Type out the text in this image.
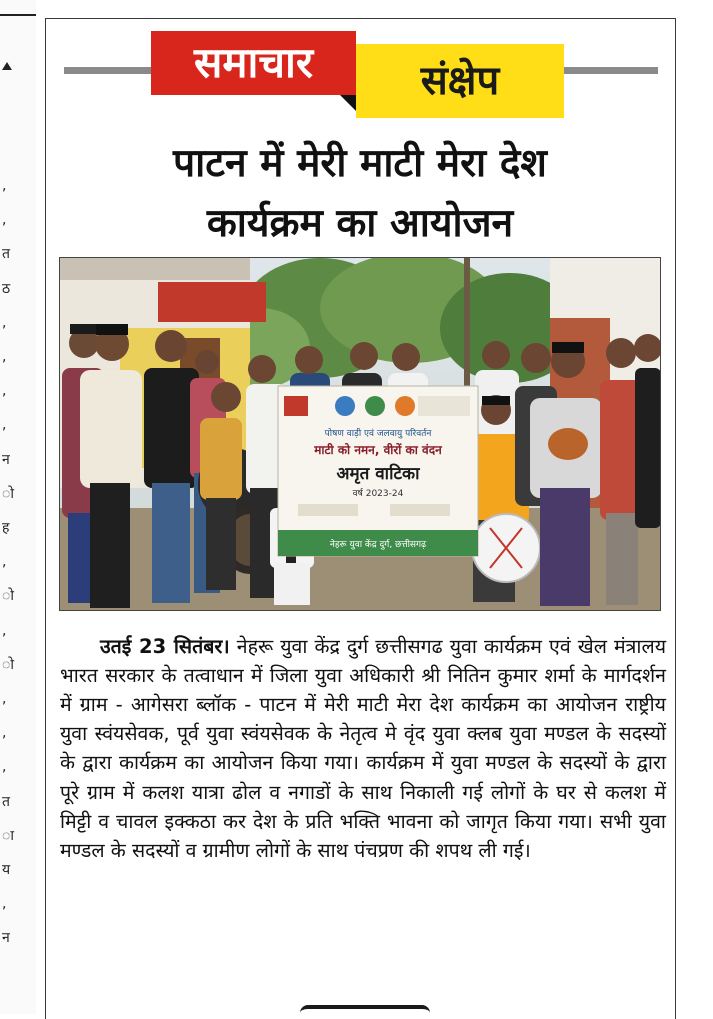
,
,
त
ठ
,
,
,
,
न
ो
ह
,
ो
,
ो
,
,
,
त
ा
य
,
न
समाचार	संक्षेप
पाटन में मेरी माटी मेरा देश
कार्यक्रम का आयोजन
पोषण वाड़ी एवं जलवायु परिवर्तन
माटी को नमन, वीरों का वंदन
अमृत वाटिका
वर्ष 2023-24
नेहरू युवा केंद्र दुर्ग, छत्तीसगढ़

उतई 23 सितंबर। नेहरू युवा केंद्र दुर्ग छत्तीसगढ युवा कार्यक्रम एवं खेल मंत्रालय भारत सरकार के तत्वाधान में जिला युवा अधिकारी श्री नितिन कुमार शर्मा के मार्गदर्शन में ग्राम - आगेसरा ब्लॉक - पाटन में मेरी माटी मेरा देश कार्यक्रम का आयोजन राष्ट्रीय युवा स्वंयसेवक, पूर्व युवा स्वंयसेवक के नेतृत्व मे वृंद युवा क्लब युवा मण्डल के सदस्यों के द्वारा कार्यक्रम का आयोजन किया गया। कार्यक्रम में युवा मण्डल के सदस्यों के द्वारा पूरे ग्राम में कलश यात्रा ढोल व नगाडों के साथ निकाली गई लोगों के घर से कलश में मिट्टी व चावल इक्कठा कर देश के प्रति भक्ति भावना को जागृत किया गया। सभी युवा मण्डल के सदस्यों व ग्रामीण लोगों के साथ पंचप्रण की शपथ ली गई।
